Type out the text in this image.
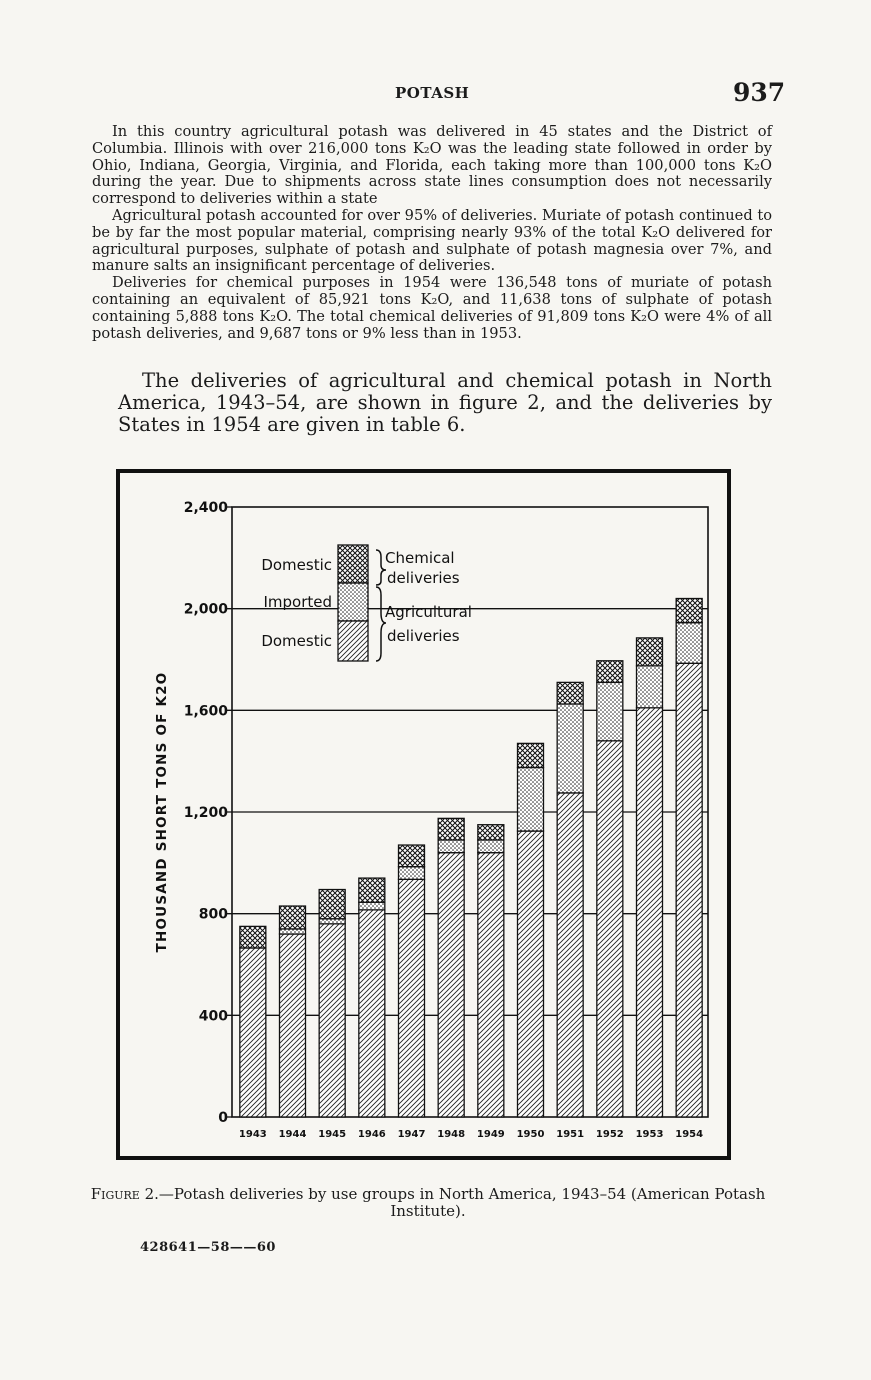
POTASH	937

In this country agricultural potash was delivered in 45 states and the District of Columbia. Illinois with over 216,000 tons K₂O was the leading state followed in order by Ohio, Indiana, Georgia, Virginia, and Florida, each taking more than 100,000 tons K₂O during the year. Due to shipments across state lines consumption does not necessarily correspond to deliveries within a state

Agricultural potash accounted for over 95% of deliveries. Muriate of potash continued to be by far the most popular material, comprising nearly 93% of the total K₂O delivered for agricultural purposes, sulphate of potash and sulphate of potash magnesia over 7%, and manure salts an insignificant percentage of deliveries.

Deliveries for chemical purposes in 1954 were 136,548 tons of muriate of potash containing an equivalent of 85,921 tons K₂O, and 11,638 tons of sulphate of potash containing 5,888 tons K₂O. The total chemical deliveries of 91,809 tons K₂O were 4% of all potash deliveries, and 9,687 tons or 9% less than in 1953.

The deliveries of agricultural and chemical potash in North America, 1943–54, are shown in figure 2, and the deliveries by States in 1954 are given in table 6.

0
400
800
1,200
1,600
2,000
2,400
THOUSAND SHORT TONS OF K2O
1943 1944 1945 1946 1947 1948 1949 1950 1951 1952 1953 1954
Domestic
Imported
Domestic
Chemical
deliveries
Agricultural
deliveries
Figure 2.—Potash deliveries by use groups in North America, 1943–54 (American Potash Institute).
428641—58——60
